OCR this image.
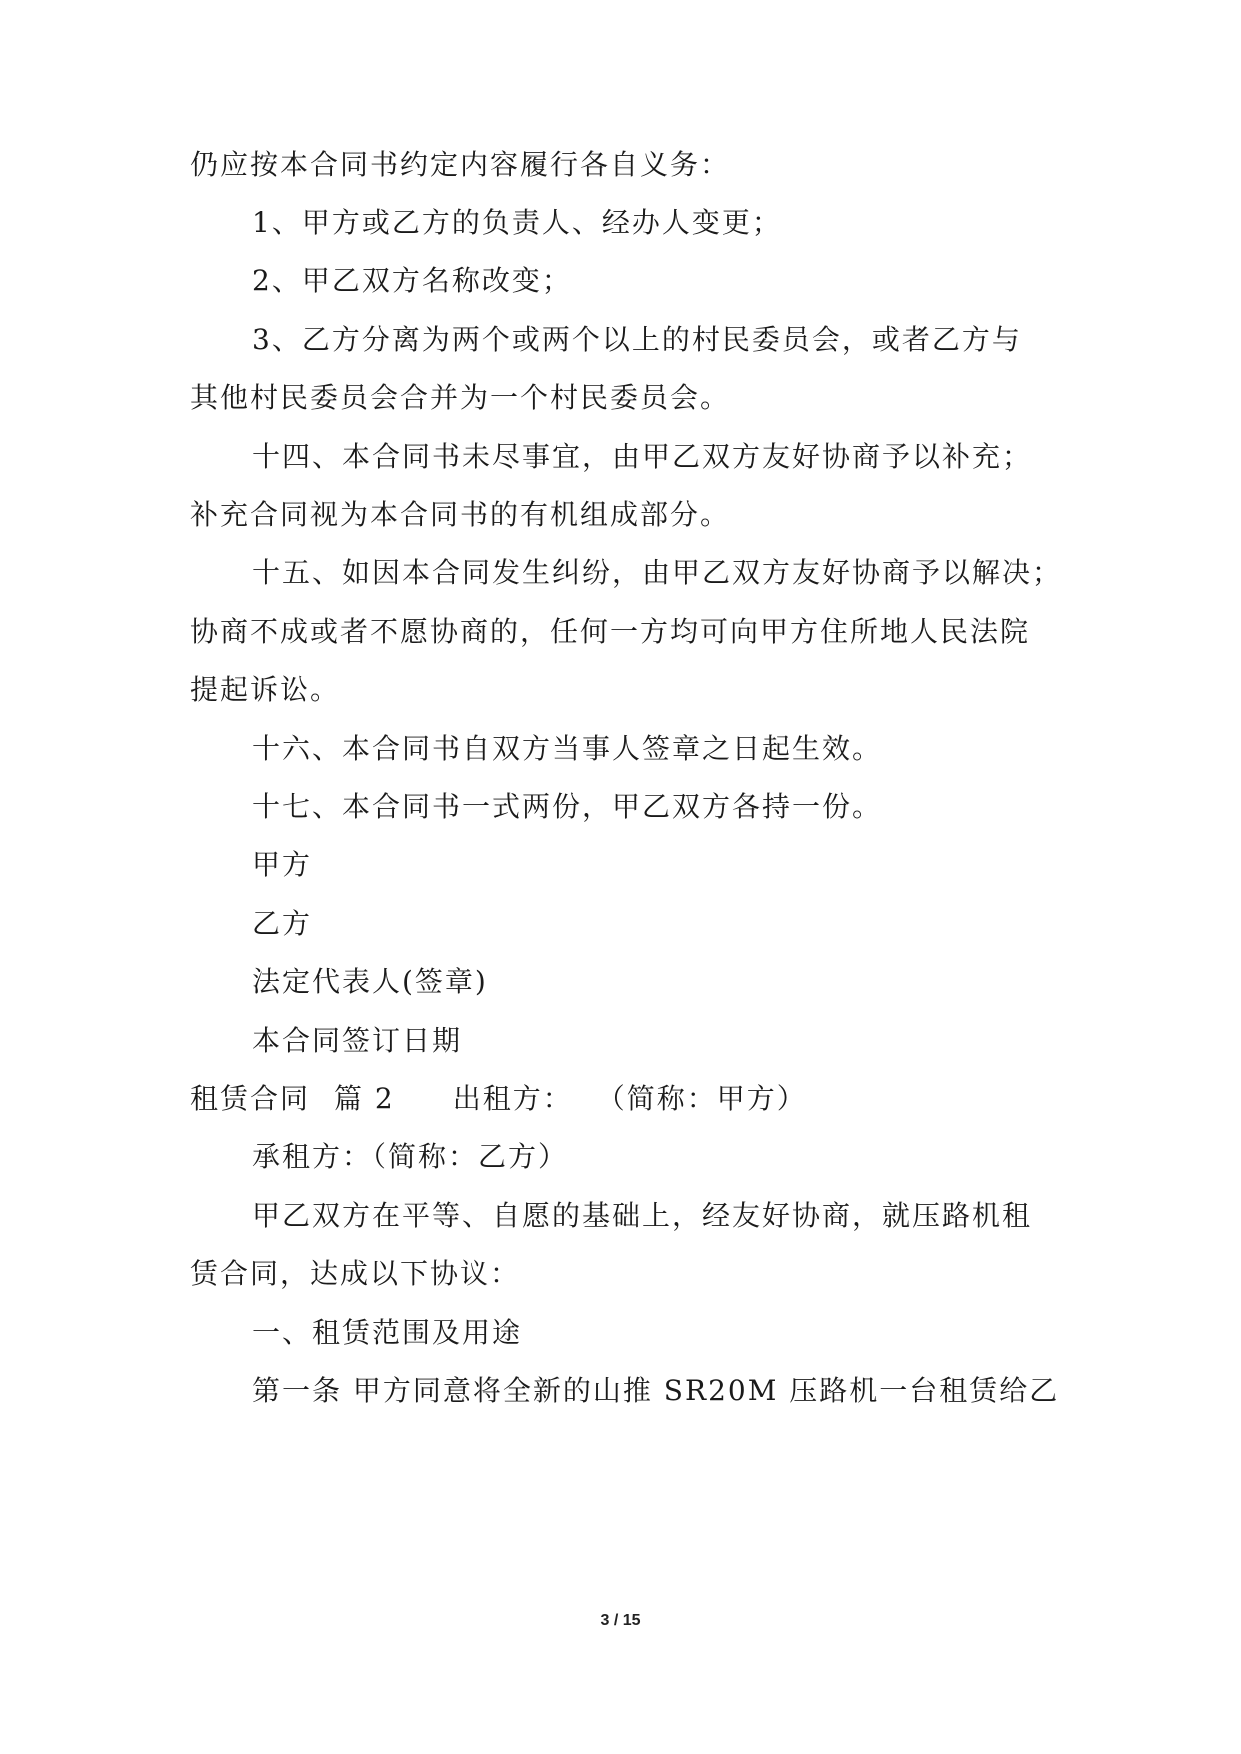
仍应按本合同书约定内容履行各自义务：
1、甲方或乙方的负责人、经办人变更；
2、甲乙双方名称改变；
3、乙方分离为两个或两个以上的村民委员会，或者乙方与
其他村民委员会合并为一个村民委员会。
十四、本合同书未尽事宜，由甲乙双方友好协商予以补充；
补充合同视为本合同书的有机组成部分。
十五、如因本合同发生纠纷，由甲乙双方友好协商予以解决；
协商不成或者不愿协商的，任何一方均可向甲方住所地人民法院
提起诉讼。
十六、本合同书自双方当事人签章之日起生效。
十七、本合同书一式两份，甲乙双方各持一份。
甲方
乙方
法定代表人(签章)
本合同签订日期
租赁合同 篇 2 出租方： （简称：甲方）
承租方：（简称：乙方）
甲乙双方在平等、自愿的基础上，经友好协商，就压路机租
赁合同，达成以下协议：
一、租赁范围及用途
第一条 甲方同意将全新的山推 SR20M 压路机一台租赁给乙
3 / 15
